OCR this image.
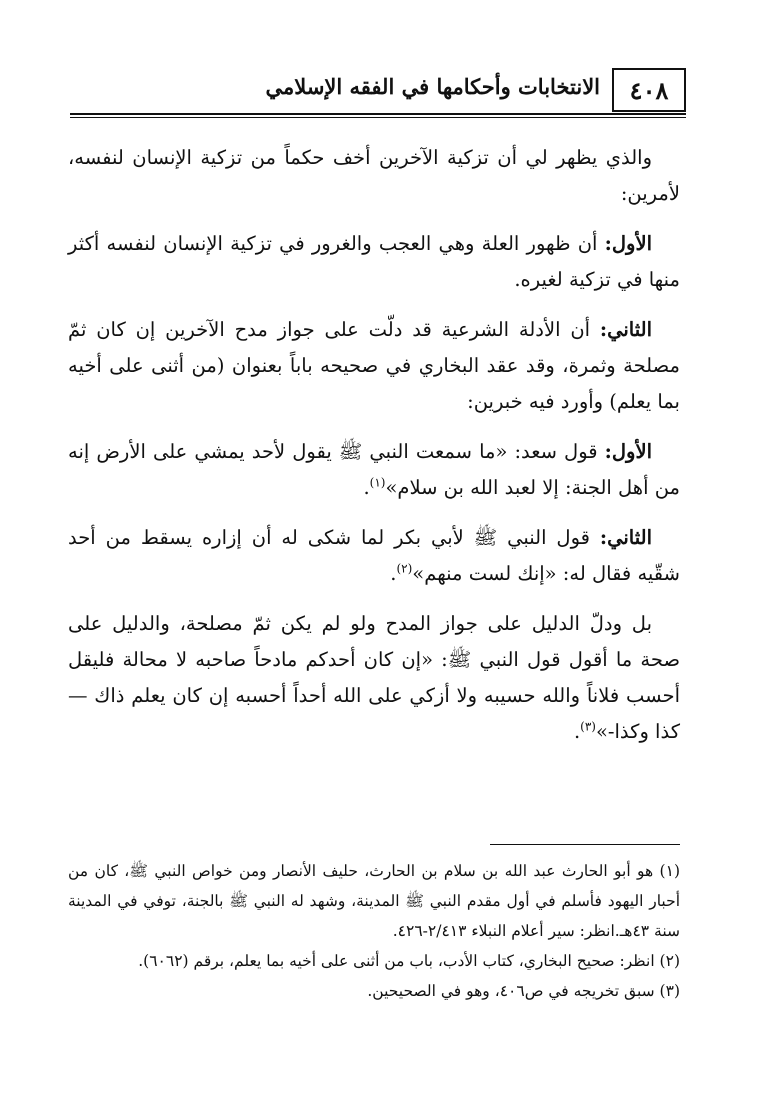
٤٠٨
الانتخابات وأحكامها في الفقه الإسلامي

والذي يظهر لي أن تزكية الآخرين أخف حكماً من تزكية الإنسان لنفسه، لأمرين:

الأول: أن ظهور العلة وهي العجب والغرور في تزكية الإنسان لنفسه أكثر منها في تزكية لغيره.

الثاني: أن الأدلة الشرعية قد دلّت على جواز مدح الآخرين إن كان ثمّ مصلحة وثمرة، وقد عقد البخاري في صحيحه باباً بعنوان (من أثنى على أخيه بما يعلم) وأورد فيه خبرين:

الأول: قول سعد: «ما سمعت النبي ﷺ يقول لأحد يمشي على الأرض إنه من أهل الجنة: إلا لعبد الله بن سلام»$^{(١)}$.

الثاني: قول النبي ﷺ لأبي بكر لما شكى له أن إزاره يسقط من أحد شقّيه فقال له: «إنك لست منهم»$^{(٢)}$.

بل ودلّ الدليل على جواز المدح ولو لم يكن ثمّ مصلحة، والدليل على صحة ما أقول قول النبي ﷺ: «إن كان أحدكم مادحاً صاحبه لا محالة فليقل أحسب فلاناً والله حسيبه ولا أزكي على الله أحداً أحسبه إن كان يعلم ذاك — كذا وكذا-»$^{(٣)}$.

(١) هو أبو الحارث عبد الله بن سلام بن الحارث، حليف الأنصار ومن خواص النبي ﷺ، كان من أحبار اليهود فأسلم في أول مقدم النبي ﷺ المدينة، وشهد له النبي ﷺ بالجنة، توفي في المدينة سنة ٤٣هـ.انظر: سير أعلام النبلاء ٢/٤١٣-٤٢٦.

(٢) انظر: صحيح البخاري، كتاب الأدب، باب من أثنى على أخيه بما يعلم، برقم (٦٠٦٢).

(٣) سبق تخريجه في ص٤٠٦، وهو في الصحيحين.
